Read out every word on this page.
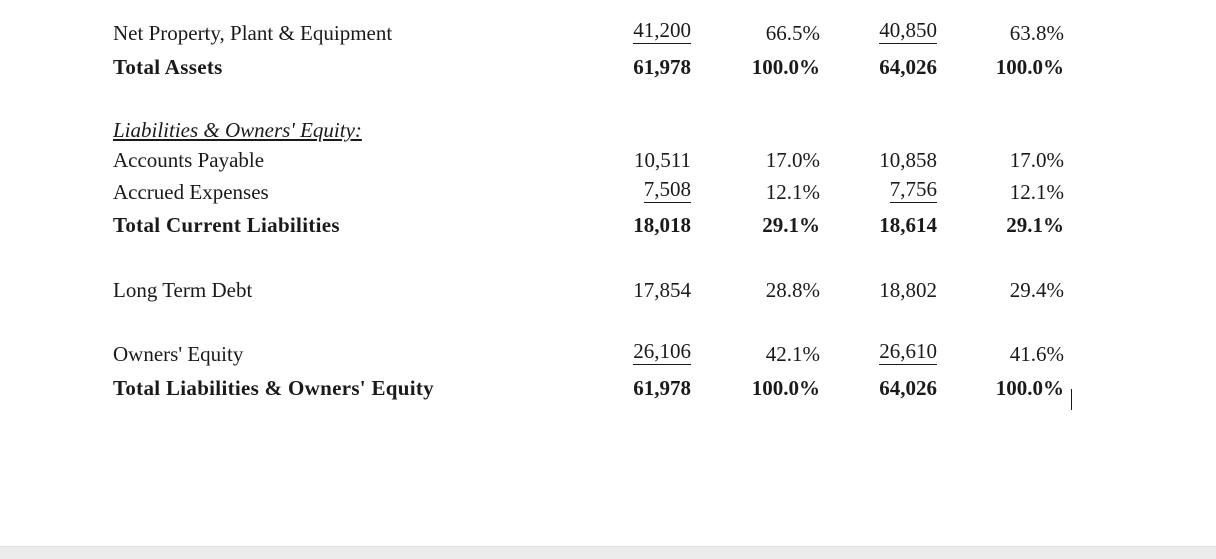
Net Property, Plant & Equipment	41,200	66.5%	40,850	63.8%
Total Assets	61,978	100.0%	64,026	100.0%
Liabilities & Owners' Equity:
Accounts Payable	10,511	17.0%	10,858	17.0%
Accrued Expenses	7,508	12.1%	7,756	12.1%
Total Current Liabilities	18,018	29.1%	18,614	29.1%
Long Term Debt	17,854	28.8%	18,802	29.4%
Owners' Equity	26,106	42.1%	26,610	41.6%
Total Liabilities & Owners' Equity	61,978	100.0%	64,026	100.0%
